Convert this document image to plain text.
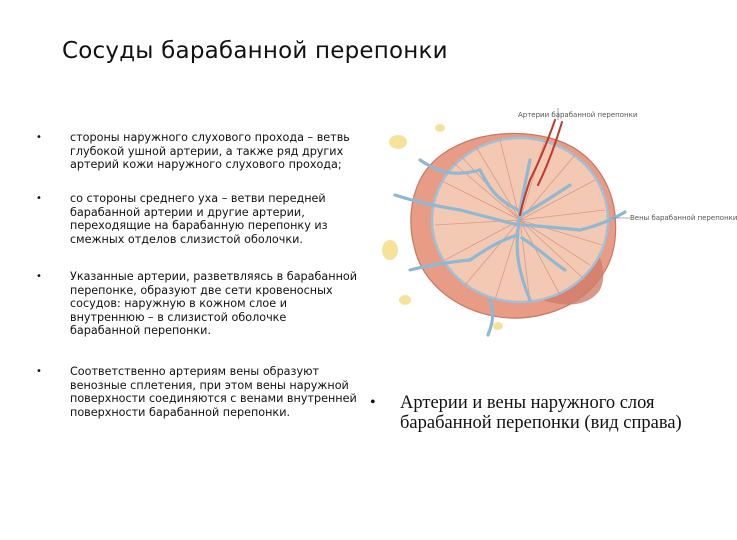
Сосуды барабанной перепонки
•	стороны наружного слухового прохода – ветвь глубокой ушной артерии, а также ряд других артерий кожи наружного слухового прохода;
•	со стороны среднего уха – ветви передней барабанной артерии и другие артерии, переходящие на барабанную перепонку из смежных отделов слизистой оболочки.
•	Указанные артерии, разветвляясь в барабанной перепонке, образуют две сети кровеносных сосудов: наружную в кожном слое и внутреннюю – в слизистой оболочке барабанной перепонки.
•	Соответственно артериям вены образуют венозные сплетения, при этом вены наружной поверхности соединяются с венами внутренней поверхности барабанной перепонки.
Артерии барабанной перепонки
Вены барабанной перепонки
• Артерии и вены наружного слоя барабанной перепонки (вид справа)
